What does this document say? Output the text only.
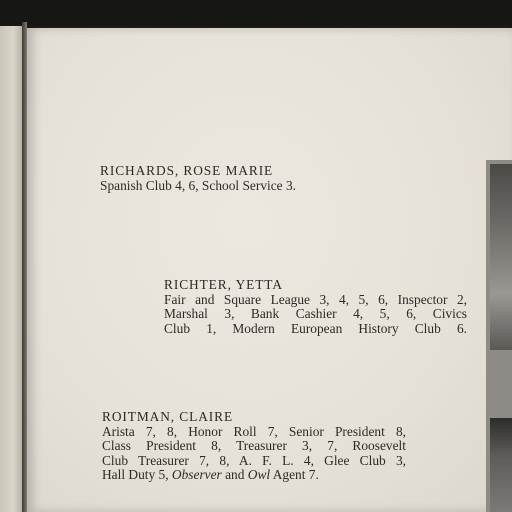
RICHARDS, ROSE MARIE
Spanish Club 4, 6, School Service 3.
RICHTER, YETTA
Fair and Square League 3, 4, 5, 6, Inspector 2,
Marshal 3, Bank Cashier 4, 5, 6, Civics
Club 1, Modern European History Club 6.
ROITMAN, CLAIRE
Arista 7, 8, Honor Roll 7, Senior President 8,
Class President 8, Treasurer 3, 7, Roosevelt
Club Treasurer 7, 8, A. F. L. 4, Glee Club 3,
Hall Duty 5, Observer and Owl Agent 7.
